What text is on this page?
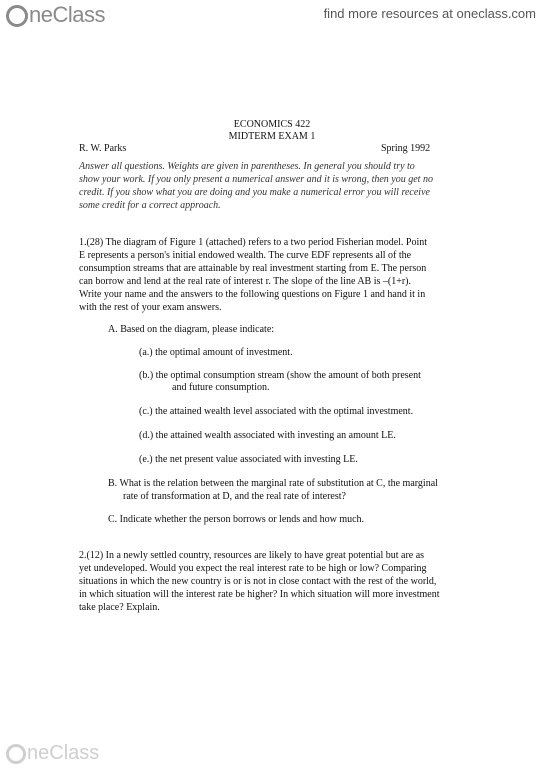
neClass	find more resources at oneclass.com
ECONOMICS 422
MIDTERM EXAM 1
R. W. Parks	Spring 1992
Answer all questions. Weights are given in parentheses. In general you should try to
show your work. If you only present a numerical answer and it is wrong, then you get no
credit. If you show what you are doing and you make a numerical error you will receive
some credit for a correct approach.
1.(28) The diagram of Figure 1 (attached) refers to a two period Fisherian model. Point
E represents a person's initial endowed wealth. The curve EDF represents all of the
consumption streams that are attainable by real investment starting from E. The person
can borrow and lend at the real rate of interest r. The slope of the line AB is –(1+r).
Write your name and the answers to the following questions on Figure 1 and hand it in
with the rest of your exam answers.
A. Based on the diagram, please indicate:
(a.) the optimal amount of investment.
(b.) the optimal consumption stream (show the amount of both present
and future consumption.
(c.) the attained wealth level associated with the optimal investment.
(d.) the attained wealth associated with investing an amount LE.
(e.) the net present value associated with investing LE.
B. What is the relation between the marginal rate of substitution at C, the marginal
rate of transformation at D, and the real rate of interest?
C. Indicate whether the person borrows or lends and how much.
2.(12) In a newly settled country, resources are likely to have great potential but are as
yet undeveloped. Would you expect the real interest rate to be high or low? Comparing
situations in which the new country is or is not in close contact with the rest of the world,
in which situation will the interest rate be higher? In which situation will more investment
take place? Explain.
neClass
